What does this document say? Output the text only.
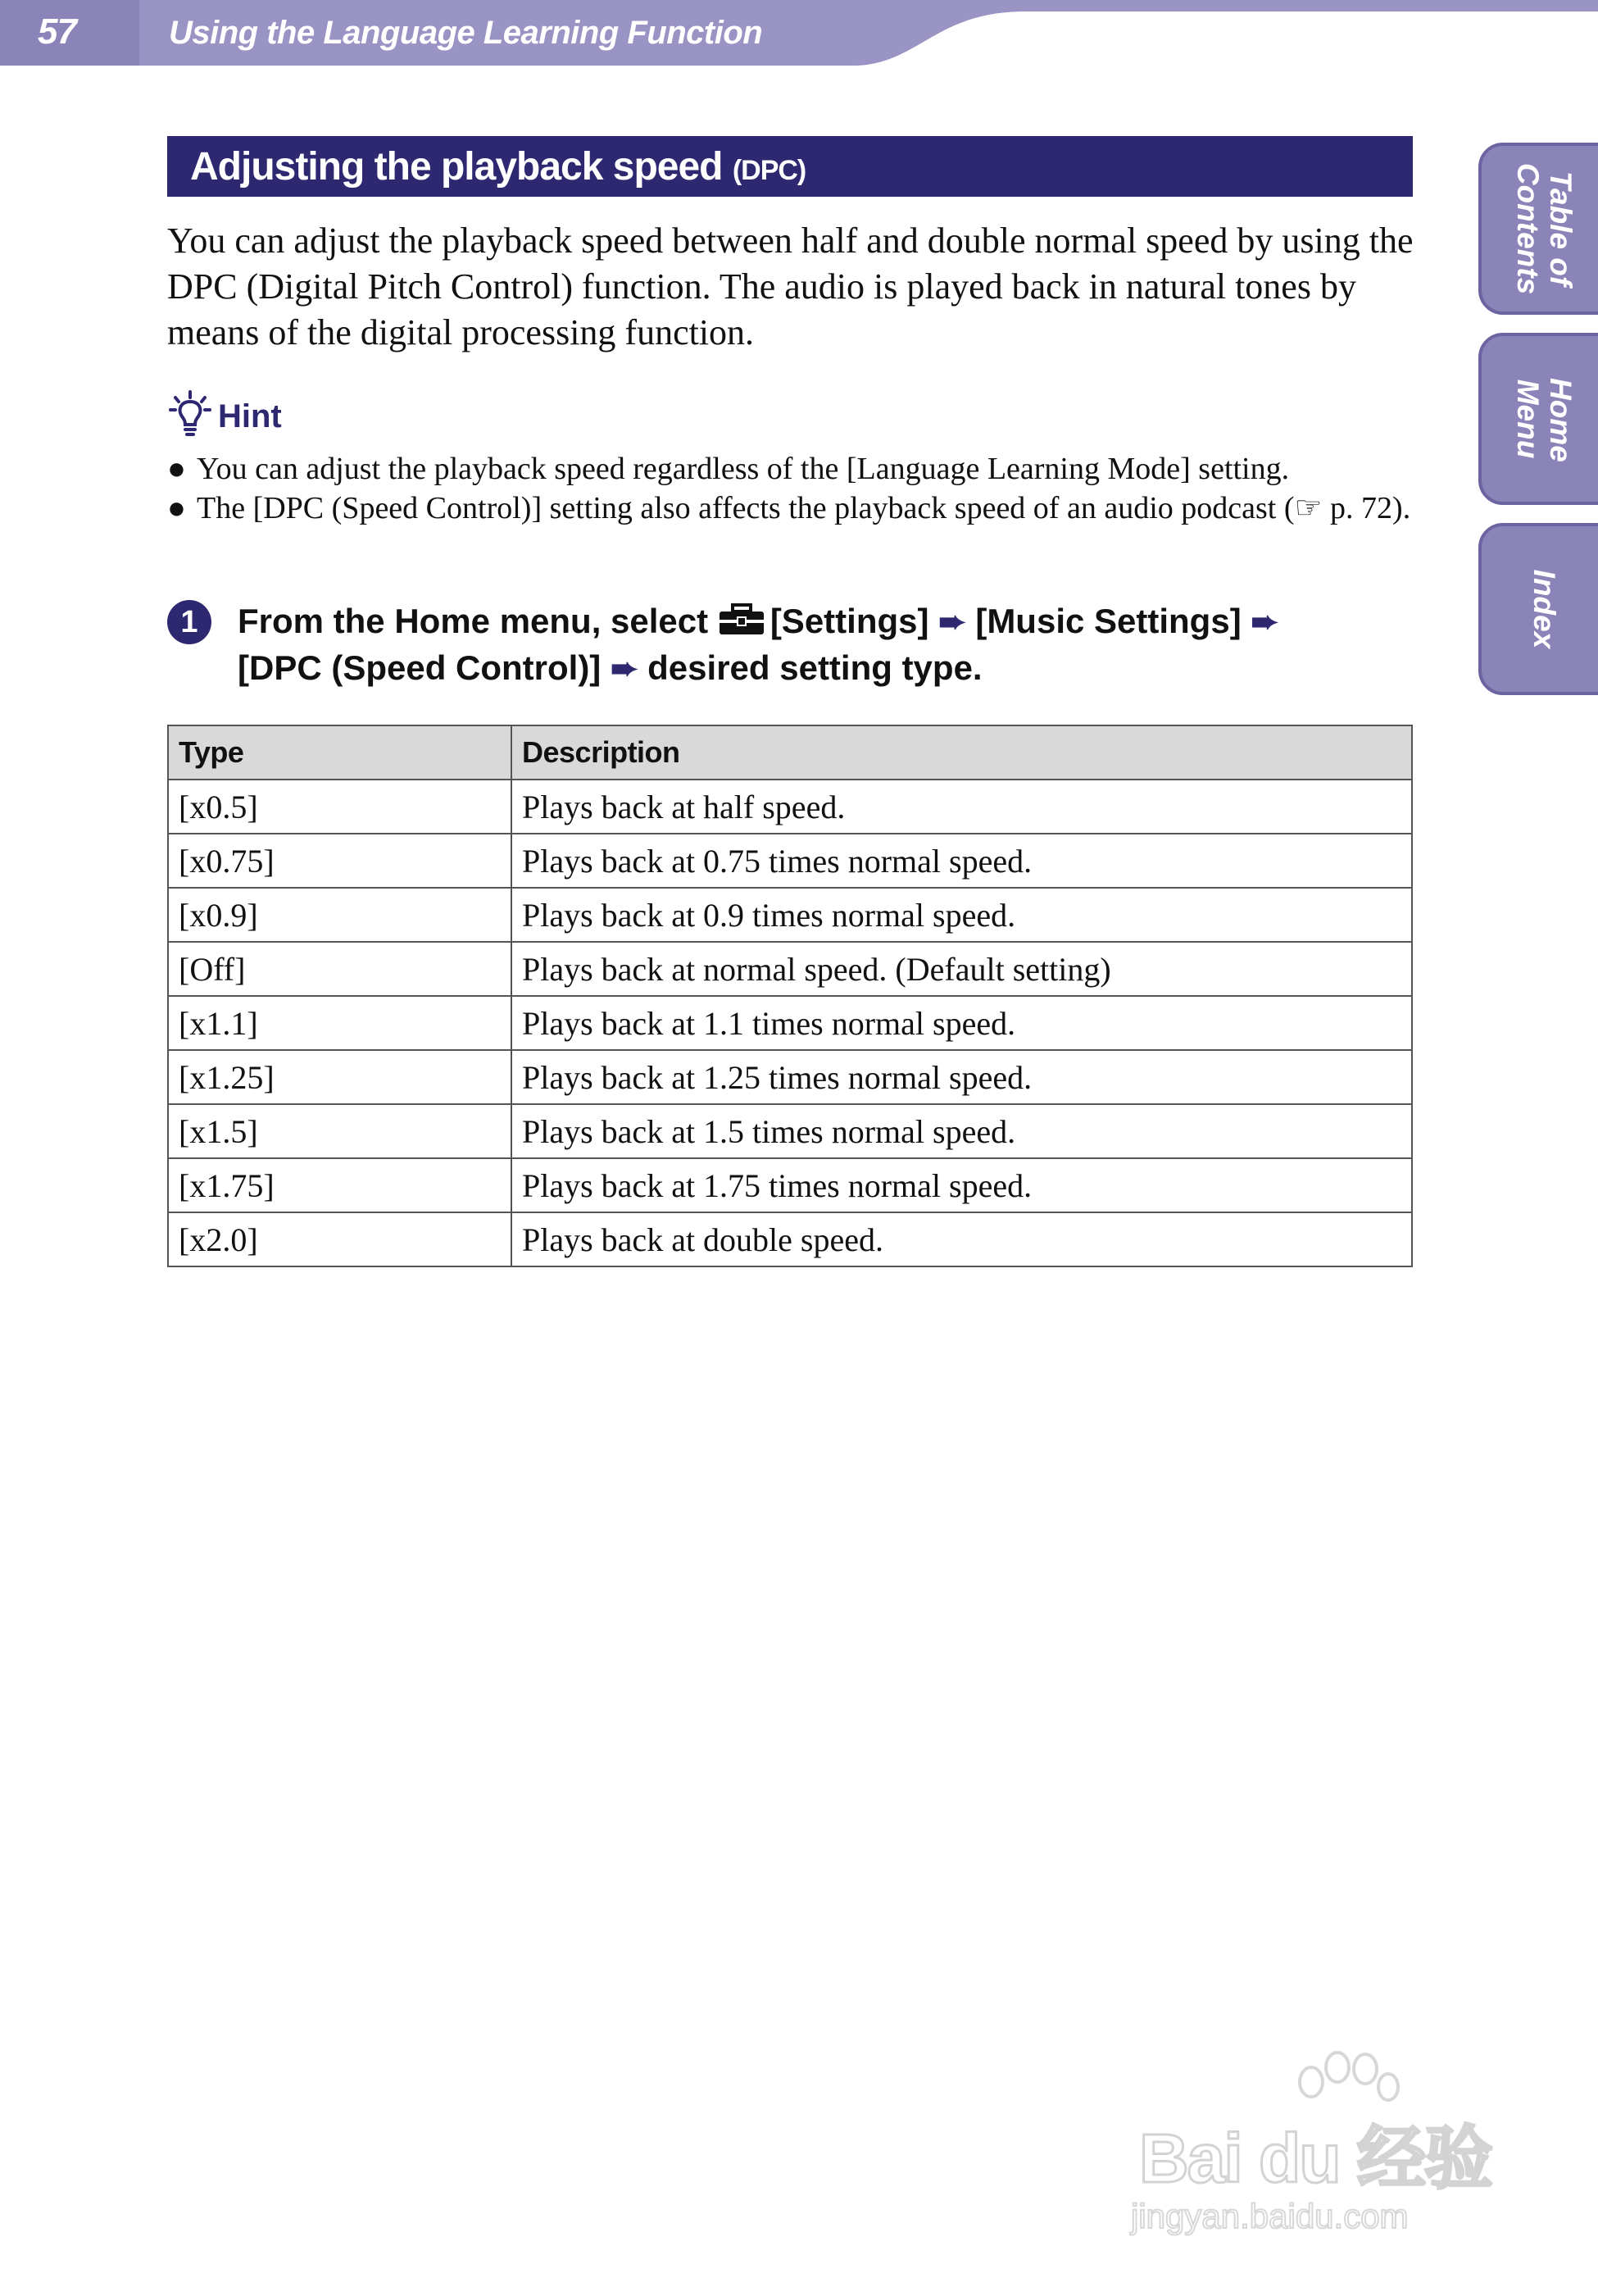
57	Using the Language Learning Function
Table of Contents
Home Menu
Index
Adjusting the playback speed (DPC)
You can adjust the playback speed between half and double normal speed by using the DPC (Digital Pitch Control) function. The audio is played back in natural tones by means of the digital processing function.
Hint
● You can adjust the playback speed regardless of the [Language Learning Mode] setting.
● The [DPC (Speed Control)] setting also affects the playback speed of an audio podcast (☞ p. 72).
1	From the Home menu, select [Settings] ➨ [Music Settings] ➨
[DPC (Speed Control)] ➨ desired setting type.
Type	Description
[x0.5]	Plays back at half speed.
[x0.75]	Plays back at 0.75 times normal speed.
[x0.9]	Plays back at 0.9 times normal speed.
[Off]	Plays back at normal speed. (Default setting)
[x1.1]	Plays back at 1.1 times normal speed.
[x1.25]	Plays back at 1.25 times normal speed.
[x1.5]	Plays back at 1.5 times normal speed.
[x1.75]	Plays back at 1.75 times normal speed.
[x2.0]	Plays back at double speed.
Bai du 经验
jingyan.baidu.com
